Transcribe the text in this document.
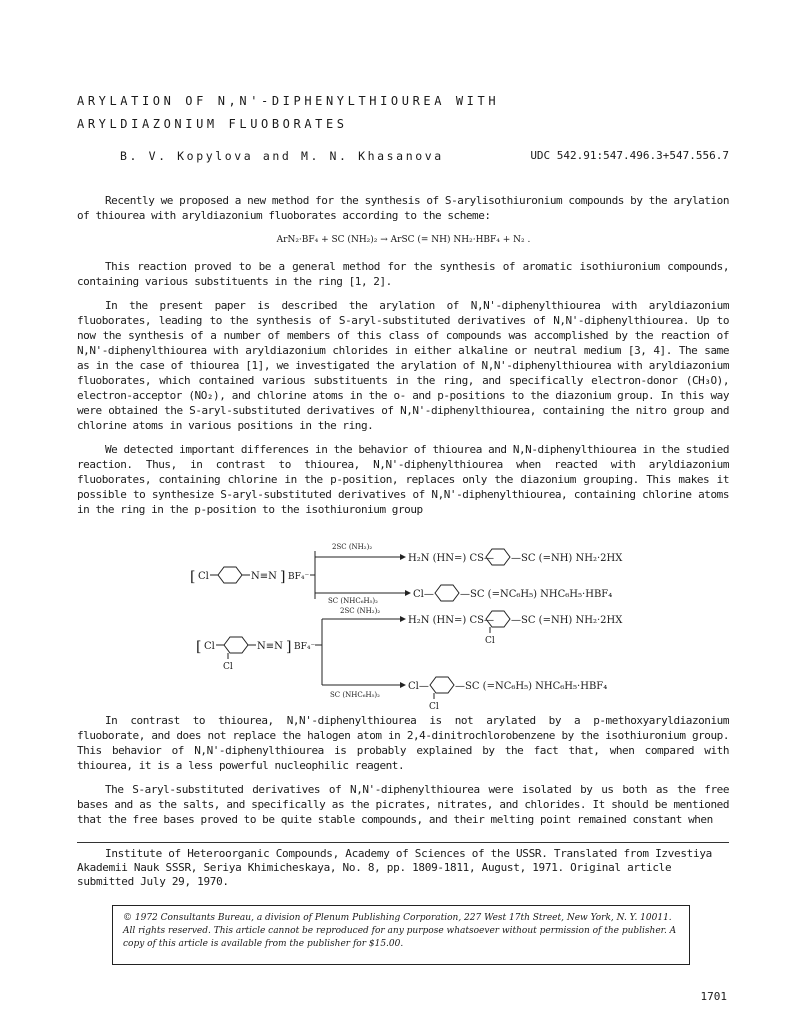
ARYLATION OF N,N'-DIPHENYLTHIOUREA WITH
ARYLDIAZONIUM FLUOBORATES
B. V. Kopylova and M. N. Khasanova	UDC 542.91:547.496.3+547.556.7

Recently we proposed a new method for the synthesis of S-arylisothiuronium compounds by the arylation of thiourea with aryldiazonium fluoborates according to the scheme:

ArN₂·BF₄ + SC (NH₂)₂ → ArSC (= NH) NH₂·HBF₄ + N₂ .

This reaction proved to be a general method for the synthesis of aromatic isothiuronium compounds, containing various substituents in the ring [1, 2].

In the present paper is described the arylation of N,N'-diphenylthiourea with aryldiazonium fluoborates, leading to the synthesis of S-aryl-substituted derivatives of N,N'-diphenylthiourea. Up to now the synthesis of a number of members of this class of compounds was accomplished by the reaction of N,N'-diphenylthiourea with aryldiazonium chlorides in either alkaline or neutral medium [3, 4]. The same as in the case of thiourea [1], we investigated the arylation of N,N'-diphenylthiourea with aryldiazonium fluoborates, which contained various substituents in the ring, and specifically electron-donor (CH₃O), electron-acceptor (NO₂), and chlorine atoms in the o- and p-positions to the diazonium group. In this way were obtained the S-aryl-substituted derivatives of N,N'-diphenylthiourea, containing the nitro group and chlorine atoms in various positions in the ring.

We detected important differences in the behavior of thiourea and N,N-diphenylthiourea in the studied reaction. Thus, in contrast to thiourea, N,N'-diphenylthiourea when reacted with aryldiazonium fluoborates, containing chlorine in the p-position, replaces only the diazonium grouping. This makes it possible to synthesize S-aryl-substituted derivatives of N,N'-diphenylthiourea, containing chlorine atoms in the ring in the p-position to the isothiuronium group

[ Cl	N≡N ] BF₄⁻
2SC (NH₂)₂
SC (NHC₆H₅)₂
H₂N (HN=) CS— —SC (=NH) NH₂·2HX
Cl—	—SC (=NC₆H₅) NHC₆H₅·HBF₄
[ Cl
Cl
N≡N ] BF₄⁻
2SC (NH₂)₂
SC (NHC₆H₅)₂
H₂N (HN=) CS—
Cl
—SC (=NH) NH₂·2HX
Cl—
Cl
—SC (=NC₆H₅) NHC₆H₅·HBF₄

In contrast to thiourea, N,N'-diphenylthiourea is not arylated by a p-methoxyaryldiazonium fluoborate, and does not replace the halogen atom in 2,4-dinitrochlorobenzene by the isothiuronium group. This behavior of N,N'-diphenylthiourea is probably explained by the fact that, when compared with thiourea, it is a less powerful nucleophilic reagent.

The S-aryl-substituted derivatives of N,N'-diphenylthiourea were isolated by us both as the free bases and as the salts, and specifically as the picrates, nitrates, and chlorides. It should be mentioned that the free bases proved to be quite stable compounds, and their melting point remained constant when

Institute of Heteroorganic Compounds, Academy of Sciences of the USSR. Translated from Izvestiya Akademii Nauk SSSR, Seriya Khimicheskaya, No. 8, pp. 1809-1811, August, 1971. Original article submitted July 29, 1970.

© 1972 Consultants Bureau, a division of Plenum Publishing Corporation, 227 West 17th Street, New York, N. Y. 10011. All rights reserved. This article cannot be reproduced for any purpose whatsoever without permission of the publisher. A copy of this article is available from the publisher for $15.00.
1701
